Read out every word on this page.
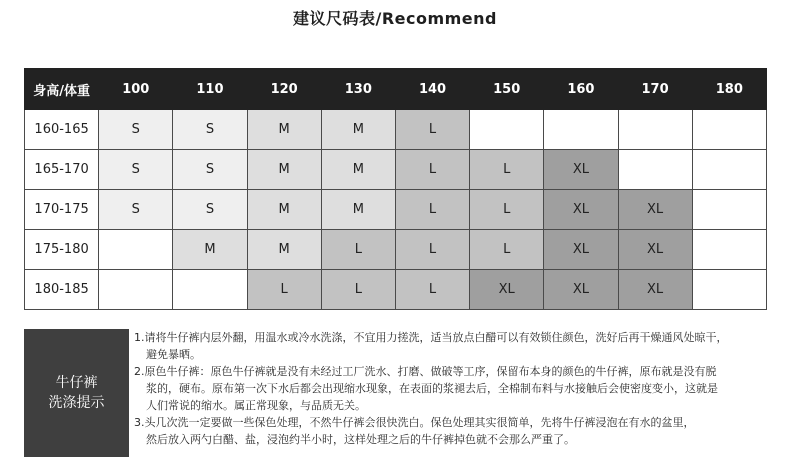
建议尺码表/Recommend
身高/体重	100	110	120	130	140	150	160	170	180
160-165	S	S	M	M	L				
165-170	S	S	M	M	L	L	XL		
170-175	S	S	M	M	L	L	XL	XL	
175-180		M	M	L	L	L	XL	XL	
180-185			L	L	L	XL	XL	XL	
牛仔裤
洗涤提示

1.请将牛仔裤内层外翻，用温水或冷水洗涤，不宜用力搓洗，适当放点白醋可以有效锁住颜色，洗好后再干燥通风处晾干，

避免暴晒。

2.原色牛仔裤：原色牛仔裤就是没有未经过工厂洗水、打磨、做破等工序，保留布本身的颜色的牛仔裤，原布就是没有脱

浆的，硬布。原布第一次下水后都会出现缩水现象，在表面的浆褪去后，全棉制布料与水接触后会使密度变小，这就是

人们常说的缩水。属正常现象，与品质无关。

3.头几次洗一定要做一些保色处理，不然牛仔裤会很快洗白。保色处理其实很简单，先将牛仔裤浸泡在有水的盆里，

然后放入两勺白醋、盐，浸泡约半小时，这样处理之后的牛仔裤掉色就不会那么严重了。
